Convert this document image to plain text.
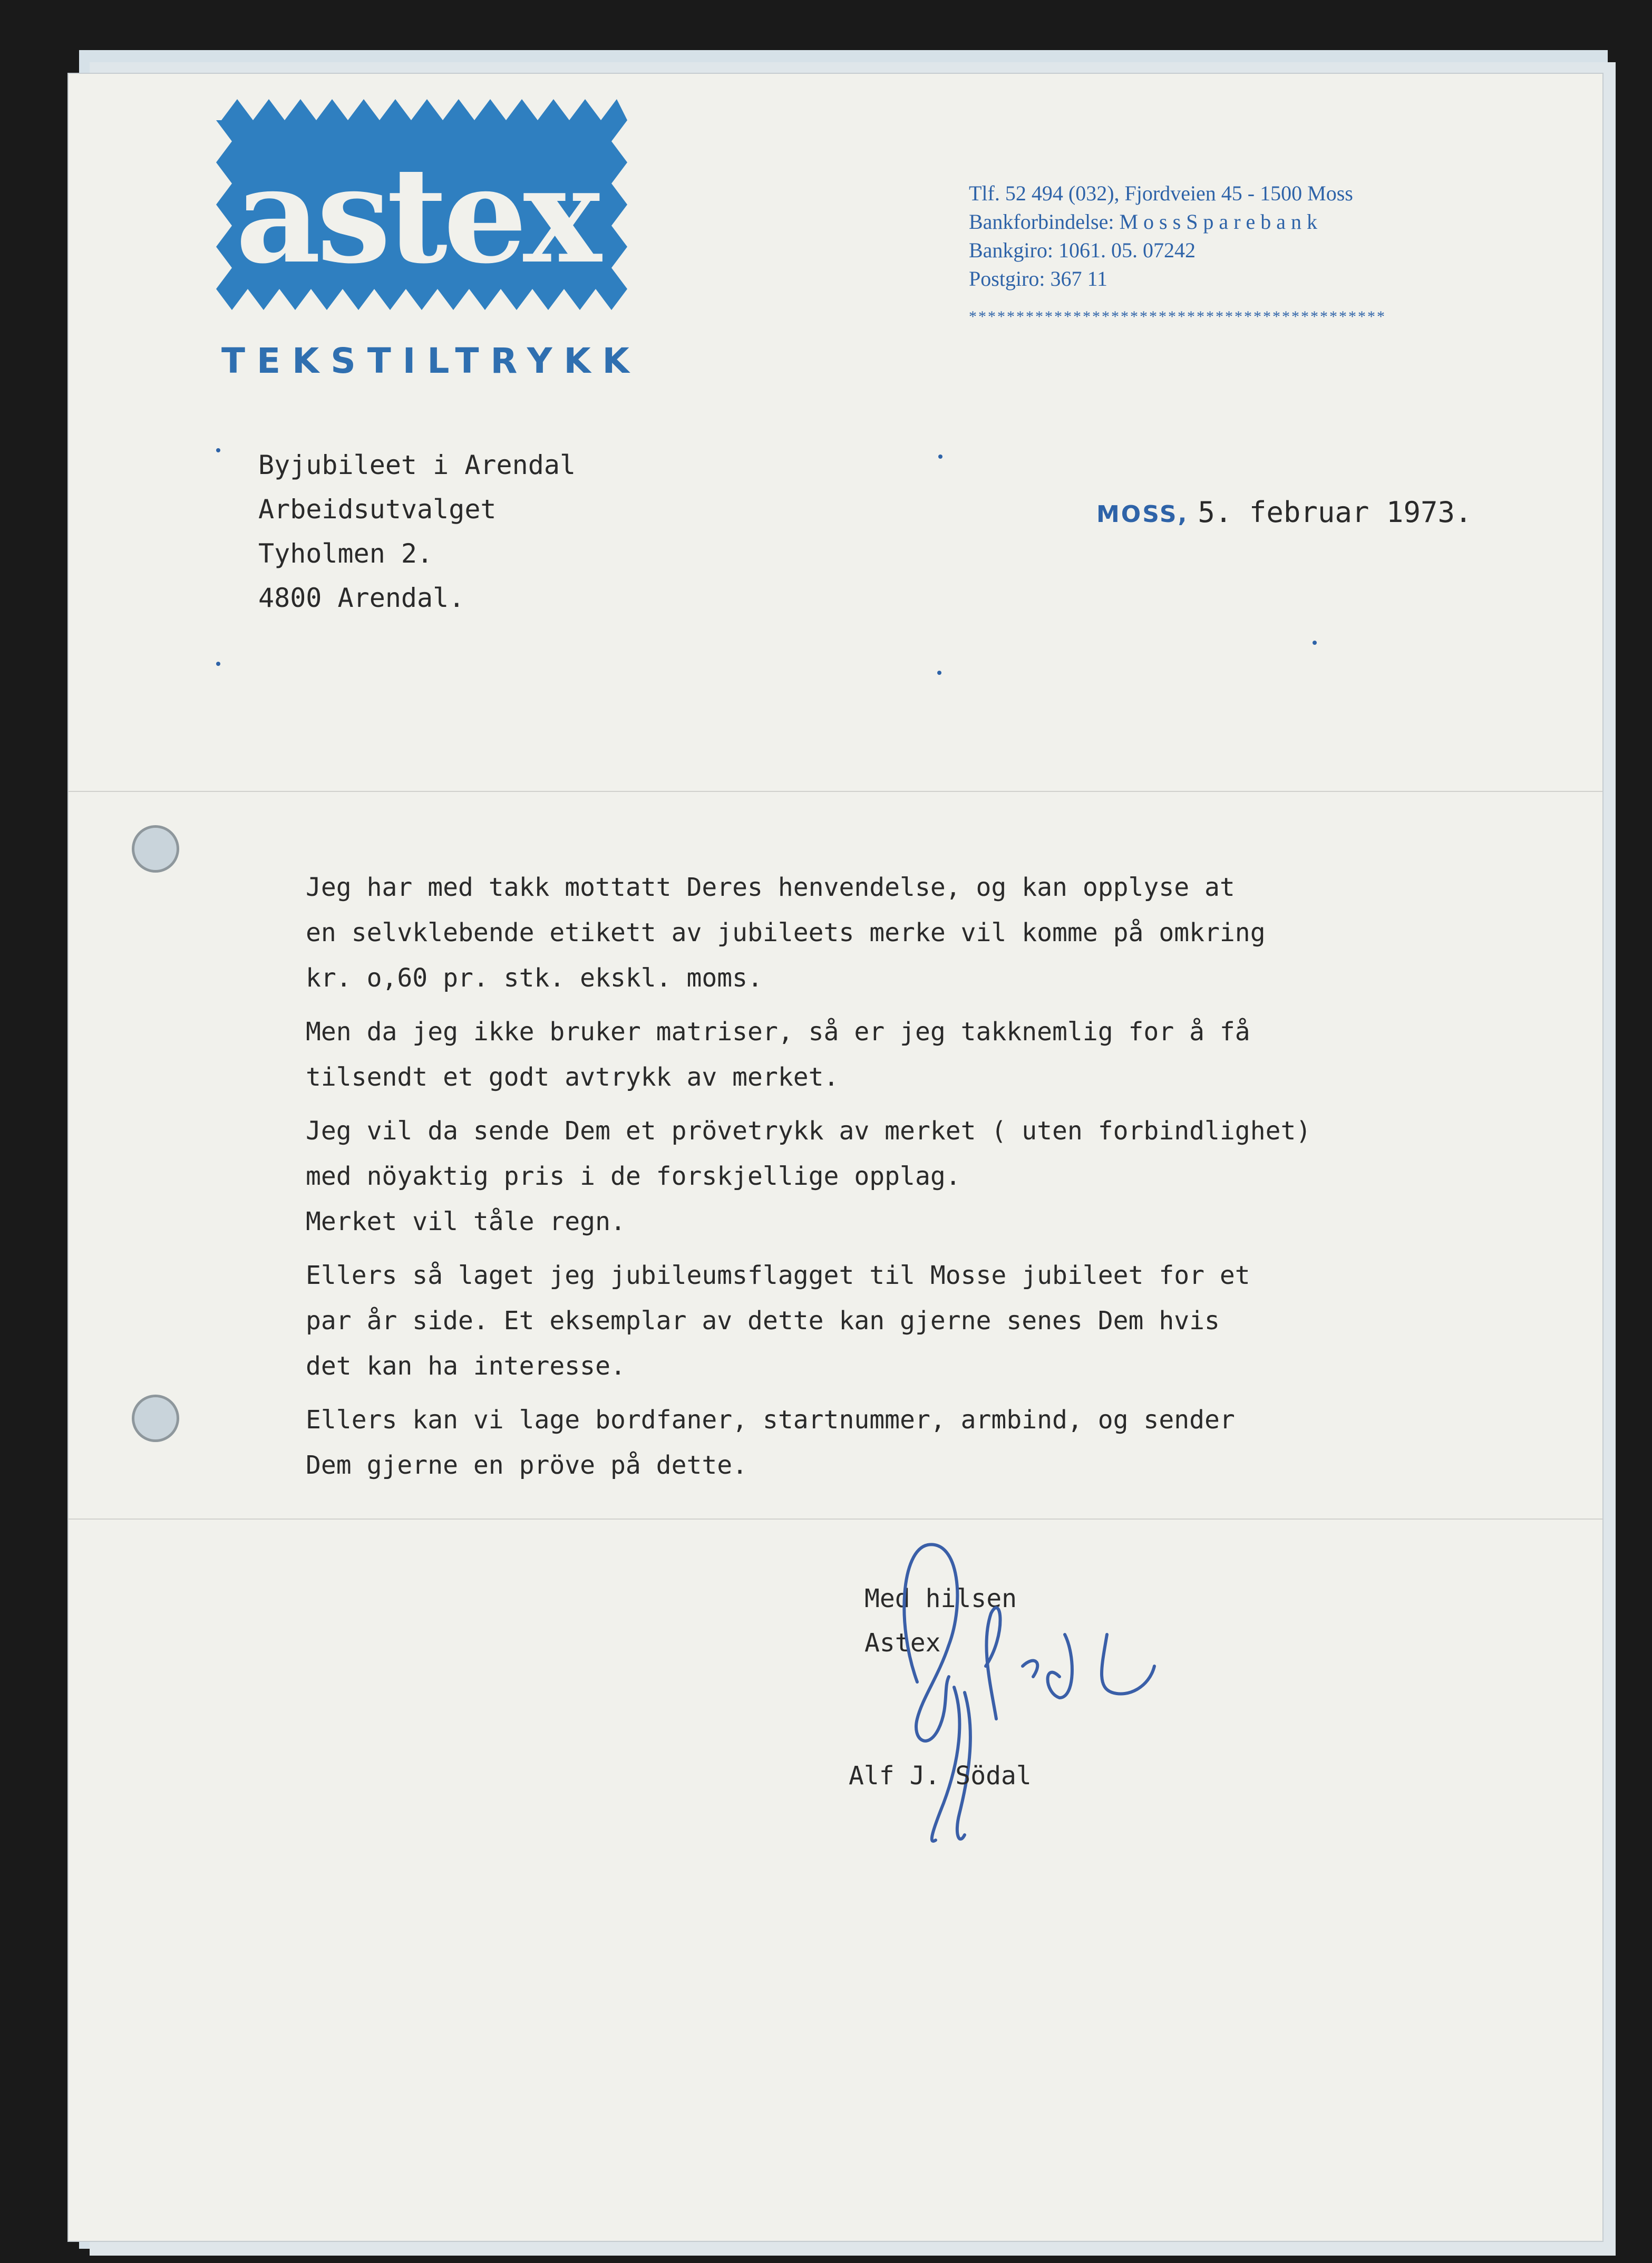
astex
TEKSTILTRYKK
Tlf. 52 494 (032), Fjordveien 45 - 1500 Moss
Bankforbindelse: M o s s S p a r e b a n k
Bankgiro: 1061. 05. 07242
Postgiro: 367 11
********************************************
Byjubileet i Arendal
Arbeidsutvalget
Tyholmen 2.
4800 Arendal.
MOSS, 5. februar 1973.
Jeg har med takk mottatt Deres henvendelse, og kan opplyse at
en selvklebende etikett av jubileets merke vil komme på omkring
kr. o,60 pr. stk. ekskl. moms.
Men da jeg ikke bruker matriser, så er jeg takknemlig for å få
tilsendt et godt avtrykk av merket.
Jeg vil da sende Dem et prövetrykk av merket ( uten forbindlighet)
med nöyaktig pris i de forskjellige opplag.
Merket vil tåle regn.
Ellers så laget jeg jubileumsflagget til Mosse jubileet for et
par år side. Et eksemplar av dette kan gjerne senes Dem hvis
det kan ha interesse.
Ellers kan vi lage bordfaner, startnummer, armbind, og sender
Dem gjerne en pröve på dette.
Med hilsen
Astex
Alf J. Södal
